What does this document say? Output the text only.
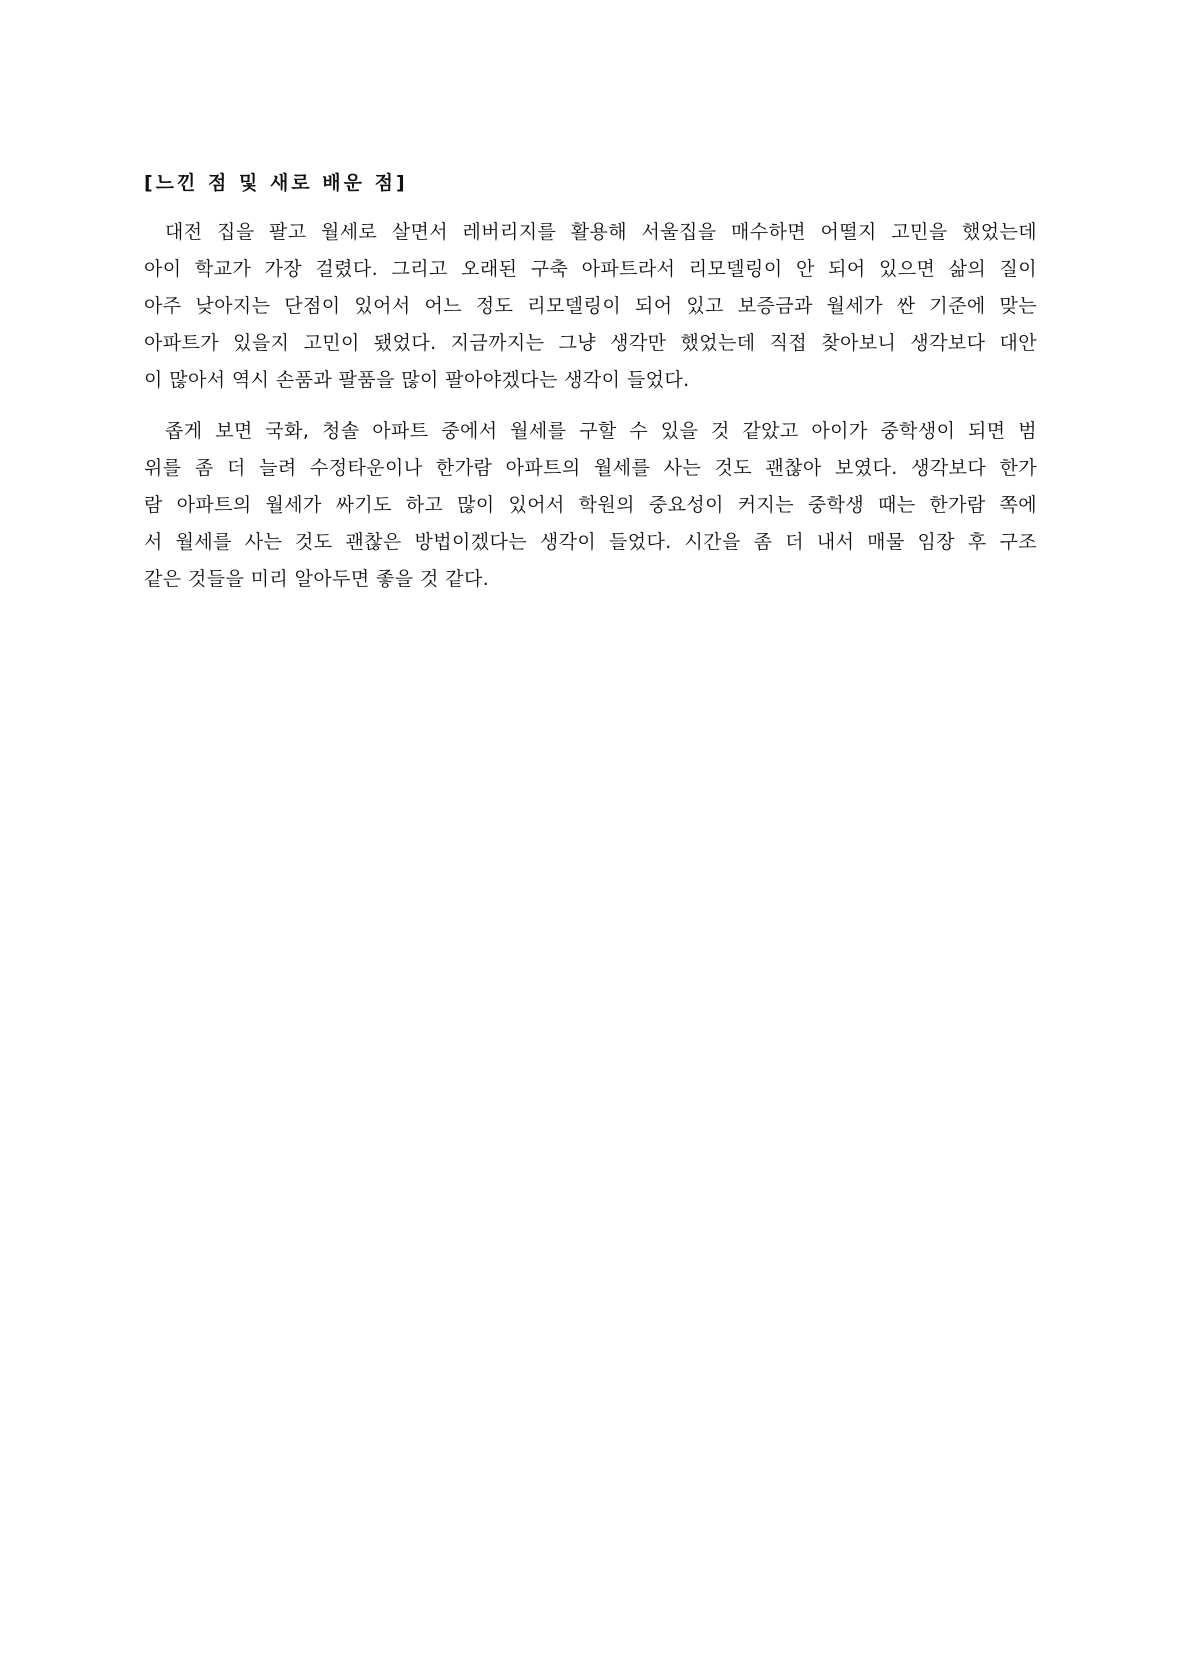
[느낀 점 및 새로 배운 점]
대전 집을 팔고 월세로 살면서 레버리지를 활용해 서울집을 매수하면 어떨지 고민을 했었는데
아이 학교가 가장 걸렸다. 그리고 오래된 구축 아파트라서 리모델링이 안 되어 있으면 삶의 질이
아주 낮아지는 단점이 있어서 어느 정도 리모델링이 되어 있고 보증금과 월세가 싼 기준에 맞는
아파트가 있을지 고민이 됐었다. 지금까지는 그냥 생각만 했었는데 직접 찾아보니 생각보다 대안
이 많아서 역시 손품과 팔품을 많이 팔아야겠다는 생각이 들었다.
좁게 보면 국화, 청솔 아파트 중에서 월세를 구할 수 있을 것 같았고 아이가 중학생이 되면 범
위를 좀 더 늘려 수정타운이나 한가람 아파트의 월세를 사는 것도 괜찮아 보였다. 생각보다 한가
람 아파트의 월세가 싸기도 하고 많이 있어서 학원의 중요성이 커지는 중학생 때는 한가람 쪽에
서 월세를 사는 것도 괜찮은 방법이겠다는 생각이 들었다. 시간을 좀 더 내서 매물 임장 후 구조
같은 것들을 미리 알아두면 좋을 것 같다.
